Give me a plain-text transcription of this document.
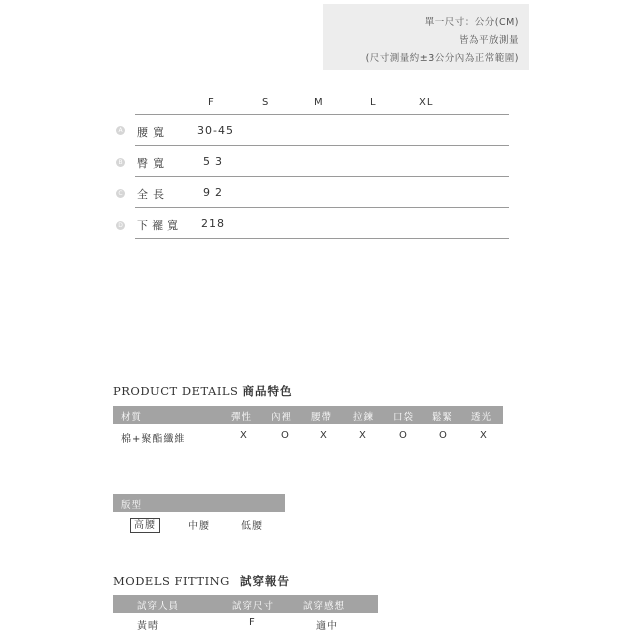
單一尺寸：公分(CM)
皆為平放測量
(尺寸測量約±3公分內為正常範圍)
F	S	M	L	XL
A 腰寬	30-45
B 臀寬	53
C 全長	92
D 下襬寬 218
PRODUCT DETAILS 商品特色
材質	彈性 內裡 腰帶 拉鍊 口袋 鬆緊 透光
棉+聚酯纖維	X	O	X	X	O	O	X
版型
高腰	中腰	低腰
MODELS FITTING 試穿報告
試穿人員	試穿尺寸	試穿感想
黃晴	F	適中
